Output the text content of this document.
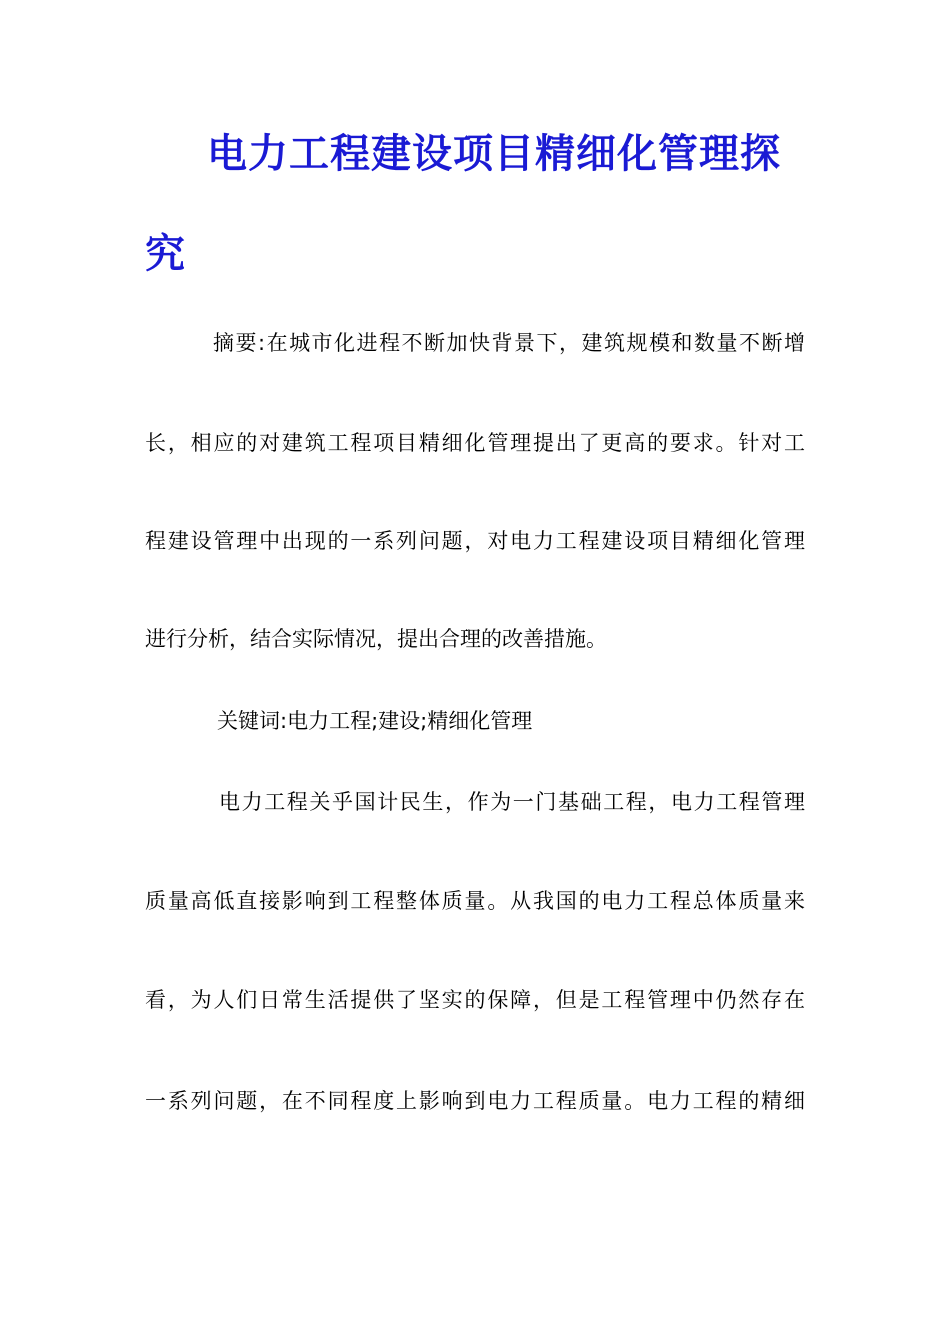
电力工程建设项目精细化管理探
究
摘要:在城市化进程不断加快背景下，建筑规模和数量不断增
长，相应的对建筑工程项目精细化管理提出了更高的要求。针对工
程建设管理中出现的一系列问题，对电力工程建设项目精细化管理
进行分析，结合实际情况，提出合理的改善措施。
关键词:电力工程;建设;精细化管理
电力工程关乎国计民生，作为一门基础工程，电力工程管理
质量高低直接影响到工程整体质量。从我国的电力工程总体质量来
看，为人们日常生活提供了坚实的保障，但是工程管理中仍然存在
一系列问题，在不同程度上影响到电力工程质量。电力工程的精细
